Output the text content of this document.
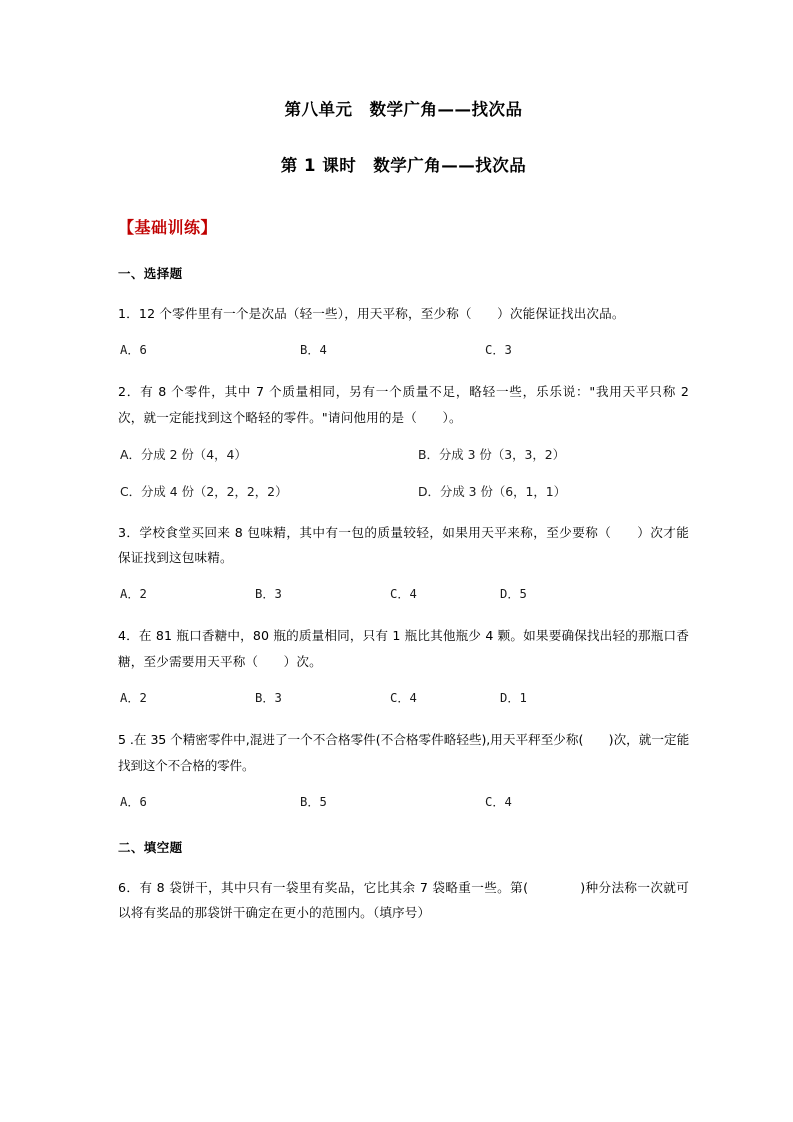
第八单元　数学广角——找次品
第 1 课时　数学广角——找次品
【基础训练】
一、选择题
1．12 个零件里有一个是次品（轻一些），用天平称，至少称（　　）次能保证找出次品。
A．6	B．4	C．3
2．有 8 个零件，其中 7 个质量相同，另有一个质量不足，略轻一些，乐乐说："我用天平只称 2 次，就一定能找到这个略轻的零件。"请问他用的是（　　）。
A．分成 2 份（4，4）	B．分成 3 份（3，3，2）
C．分成 4 份（2，2，2，2）	D．分成 3 份（6，1，1）
3．学校食堂买回来 8 包味精，其中有一包的质量较轻，如果用天平来称，至少要称（　　）次才能保证找到这包味精。
A．2	B．3	C．4	D．5
4．在 81 瓶口香糖中，80 瓶的质量相同，只有 1 瓶比其他瓶少 4 颗。如果要确保找出轻的那瓶口香糖，至少需要用天平称（　　）次。
A．2	B．3	C．4	D．1
5 .在 35 个精密零件中,混进了一个不合格零件(不合格零件略轻些),用天平秤至少称(　　)次，就一定能找到这个不合格的零件。
A．6	B．5	C．4
二、填空题
6．有 8 袋饼干，其中只有一袋里有奖品，它比其余 7 袋略重一些。第(　　　　)种分法称一次就可以将有奖品的那袋饼干确定在更小的范围内。（填序号）
